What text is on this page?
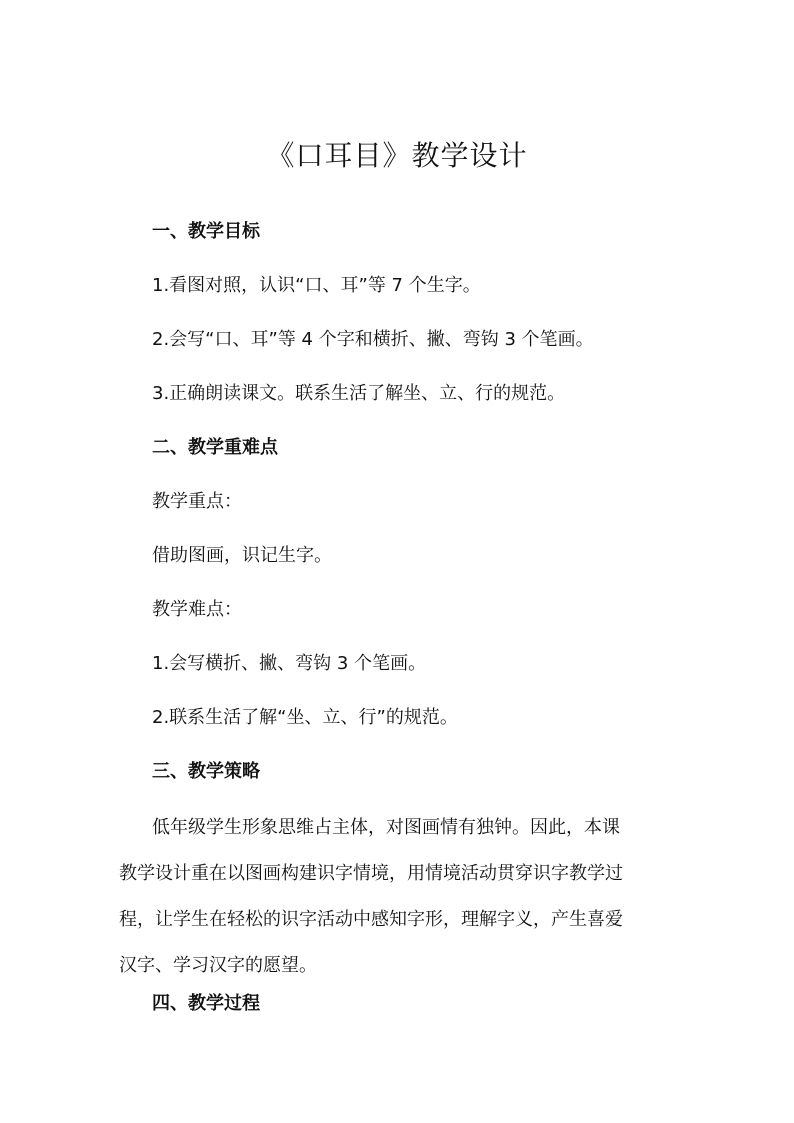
《口耳目》教学设计
一、教学目标
1.看图对照，认识“口、耳”等 7 个生字。
2.会写“口、耳”等 4 个字和横折、撇、弯钩 3 个笔画。
3.正确朗读课文。联系生活了解坐、立、行的规范。
二、教学重难点
教学重点：
借助图画，识记生字。
教学难点：
1.会写横折、撇、弯钩 3 个笔画。
2.联系生活了解“坐、立、行”的规范。
三、教学策略
低年级学生形象思维占主体，对图画情有独钟。因此，本课
教学设计重在以图画构建识字情境，用情境活动贯穿识字教学过
程，让学生在轻松的识字活动中感知字形，理解字义，产生喜爱
汉字、学习汉字的愿望。
四、教学过程
